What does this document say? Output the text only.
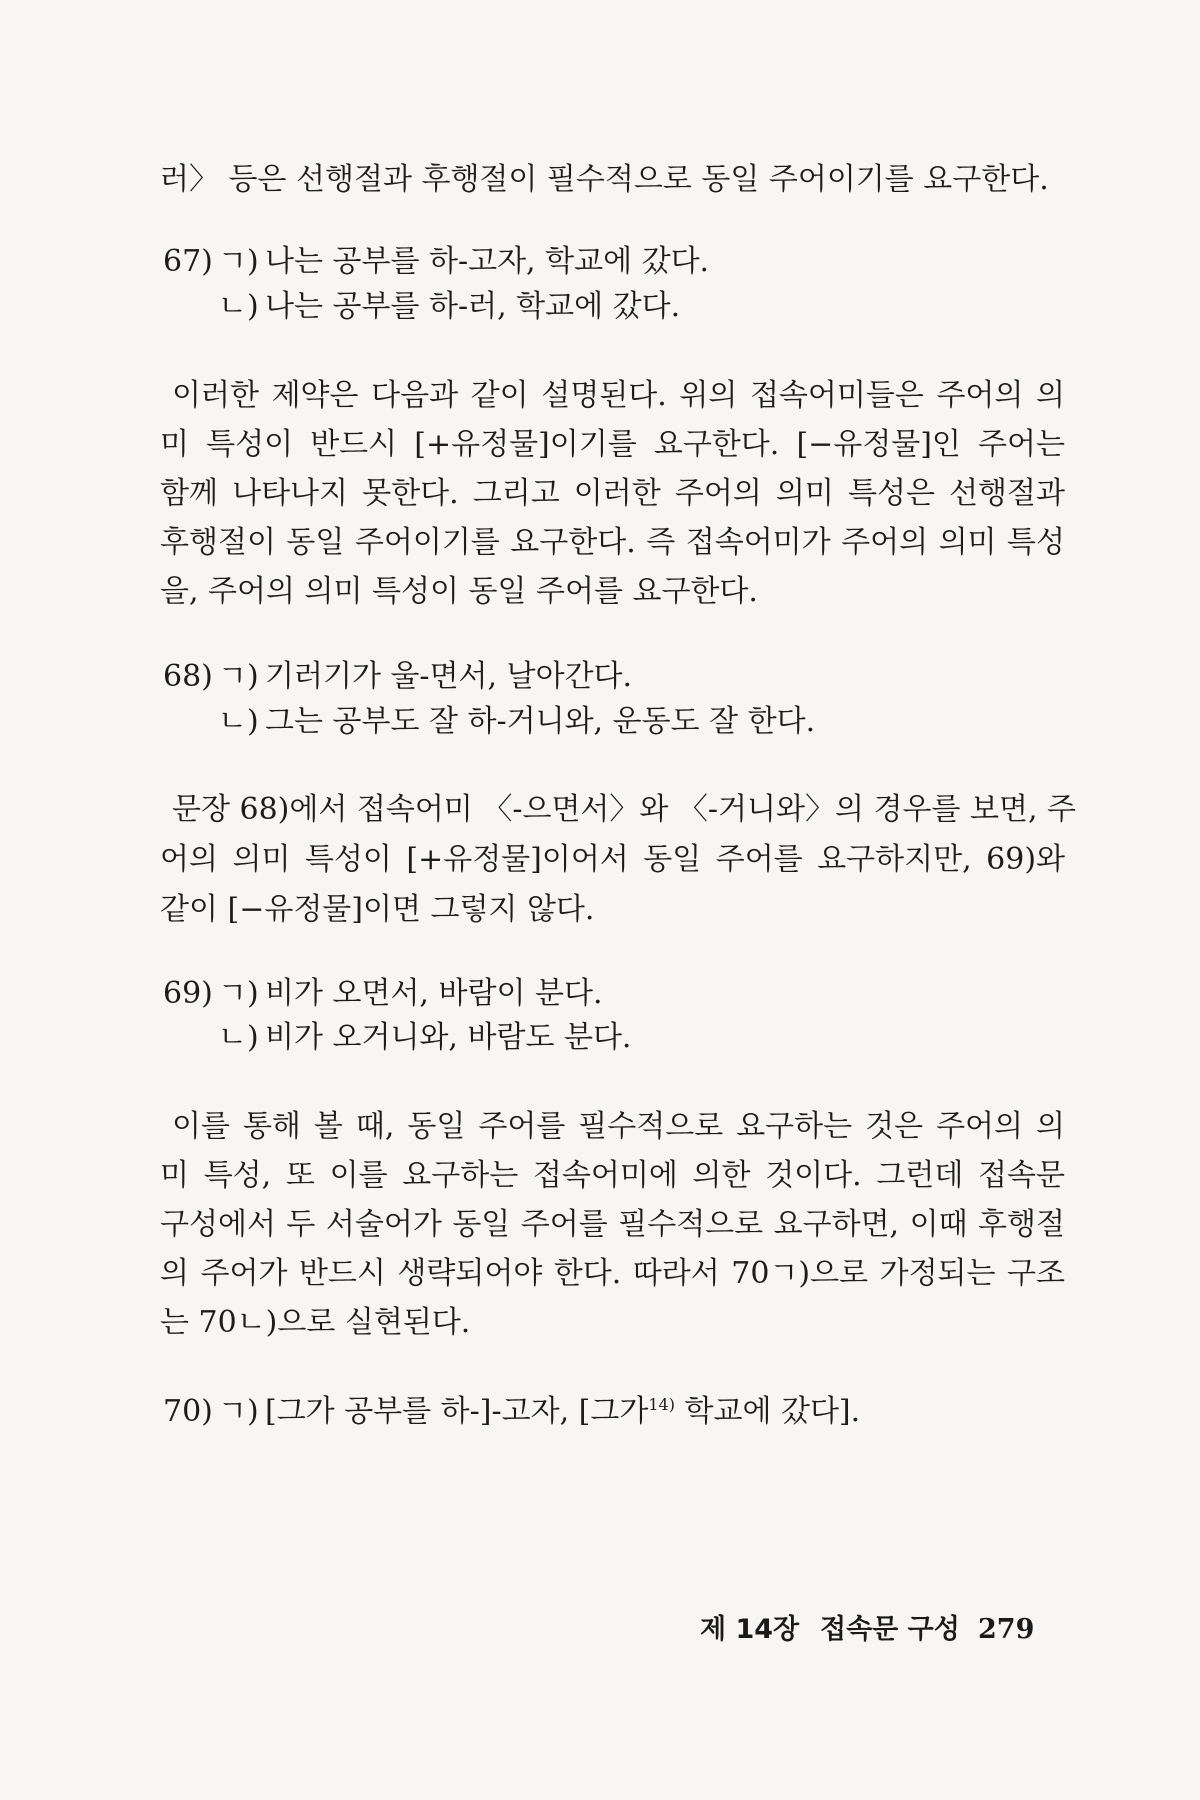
러〉 등은 선행절과 후행절이 필수적으로 동일 주어이기를 요구한다.
67) ㄱ) 나는 공부를 하-고자, 학교에 갔다.
ㄴ) 나는 공부를 하-러, 학교에 갔다.
이러한 제약은 다음과 같이 설명된다. 위의 접속어미들은 주어의 의
미 특성이 반드시 [+유정물]이기를 요구한다. [−유정물]인 주어는
함께 나타나지 못한다. 그리고 이러한 주어의 의미 특성은 선행절과
후행절이 동일 주어이기를 요구한다. 즉 접속어미가 주어의 의미 특성
을, 주어의 의미 특성이 동일 주어를 요구한다.
68) ㄱ) 기러기가 울-면서, 날아간다.
ㄴ) 그는 공부도 잘 하-거니와, 운동도 잘 한다.
문장 68)에서 접속어미 〈-으면서〉와 〈-거니와〉의 경우를 보면, 주
어의 의미 특성이 [+유정물]이어서 동일 주어를 요구하지만, 69)와
같이 [−유정물]이면 그렇지 않다.
69) ㄱ) 비가 오면서, 바람이 분다.
ㄴ) 비가 오거니와, 바람도 분다.
이를 통해 볼 때, 동일 주어를 필수적으로 요구하는 것은 주어의 의
미 특성, 또 이를 요구하는 접속어미에 의한 것이다. 그런데 접속문
구성에서 두 서술어가 동일 주어를 필수적으로 요구하면, 이때 후행절
의 주어가 반드시 생략되어야 한다. 따라서 70ㄱ)으로 가정되는 구조
는 70ㄴ)으로 실현된다.
70) ㄱ) [그가 공부를 하-]-고자, [그가$^{14)}$ 학교에 갔다].
제 14장 접속문 구성 279
